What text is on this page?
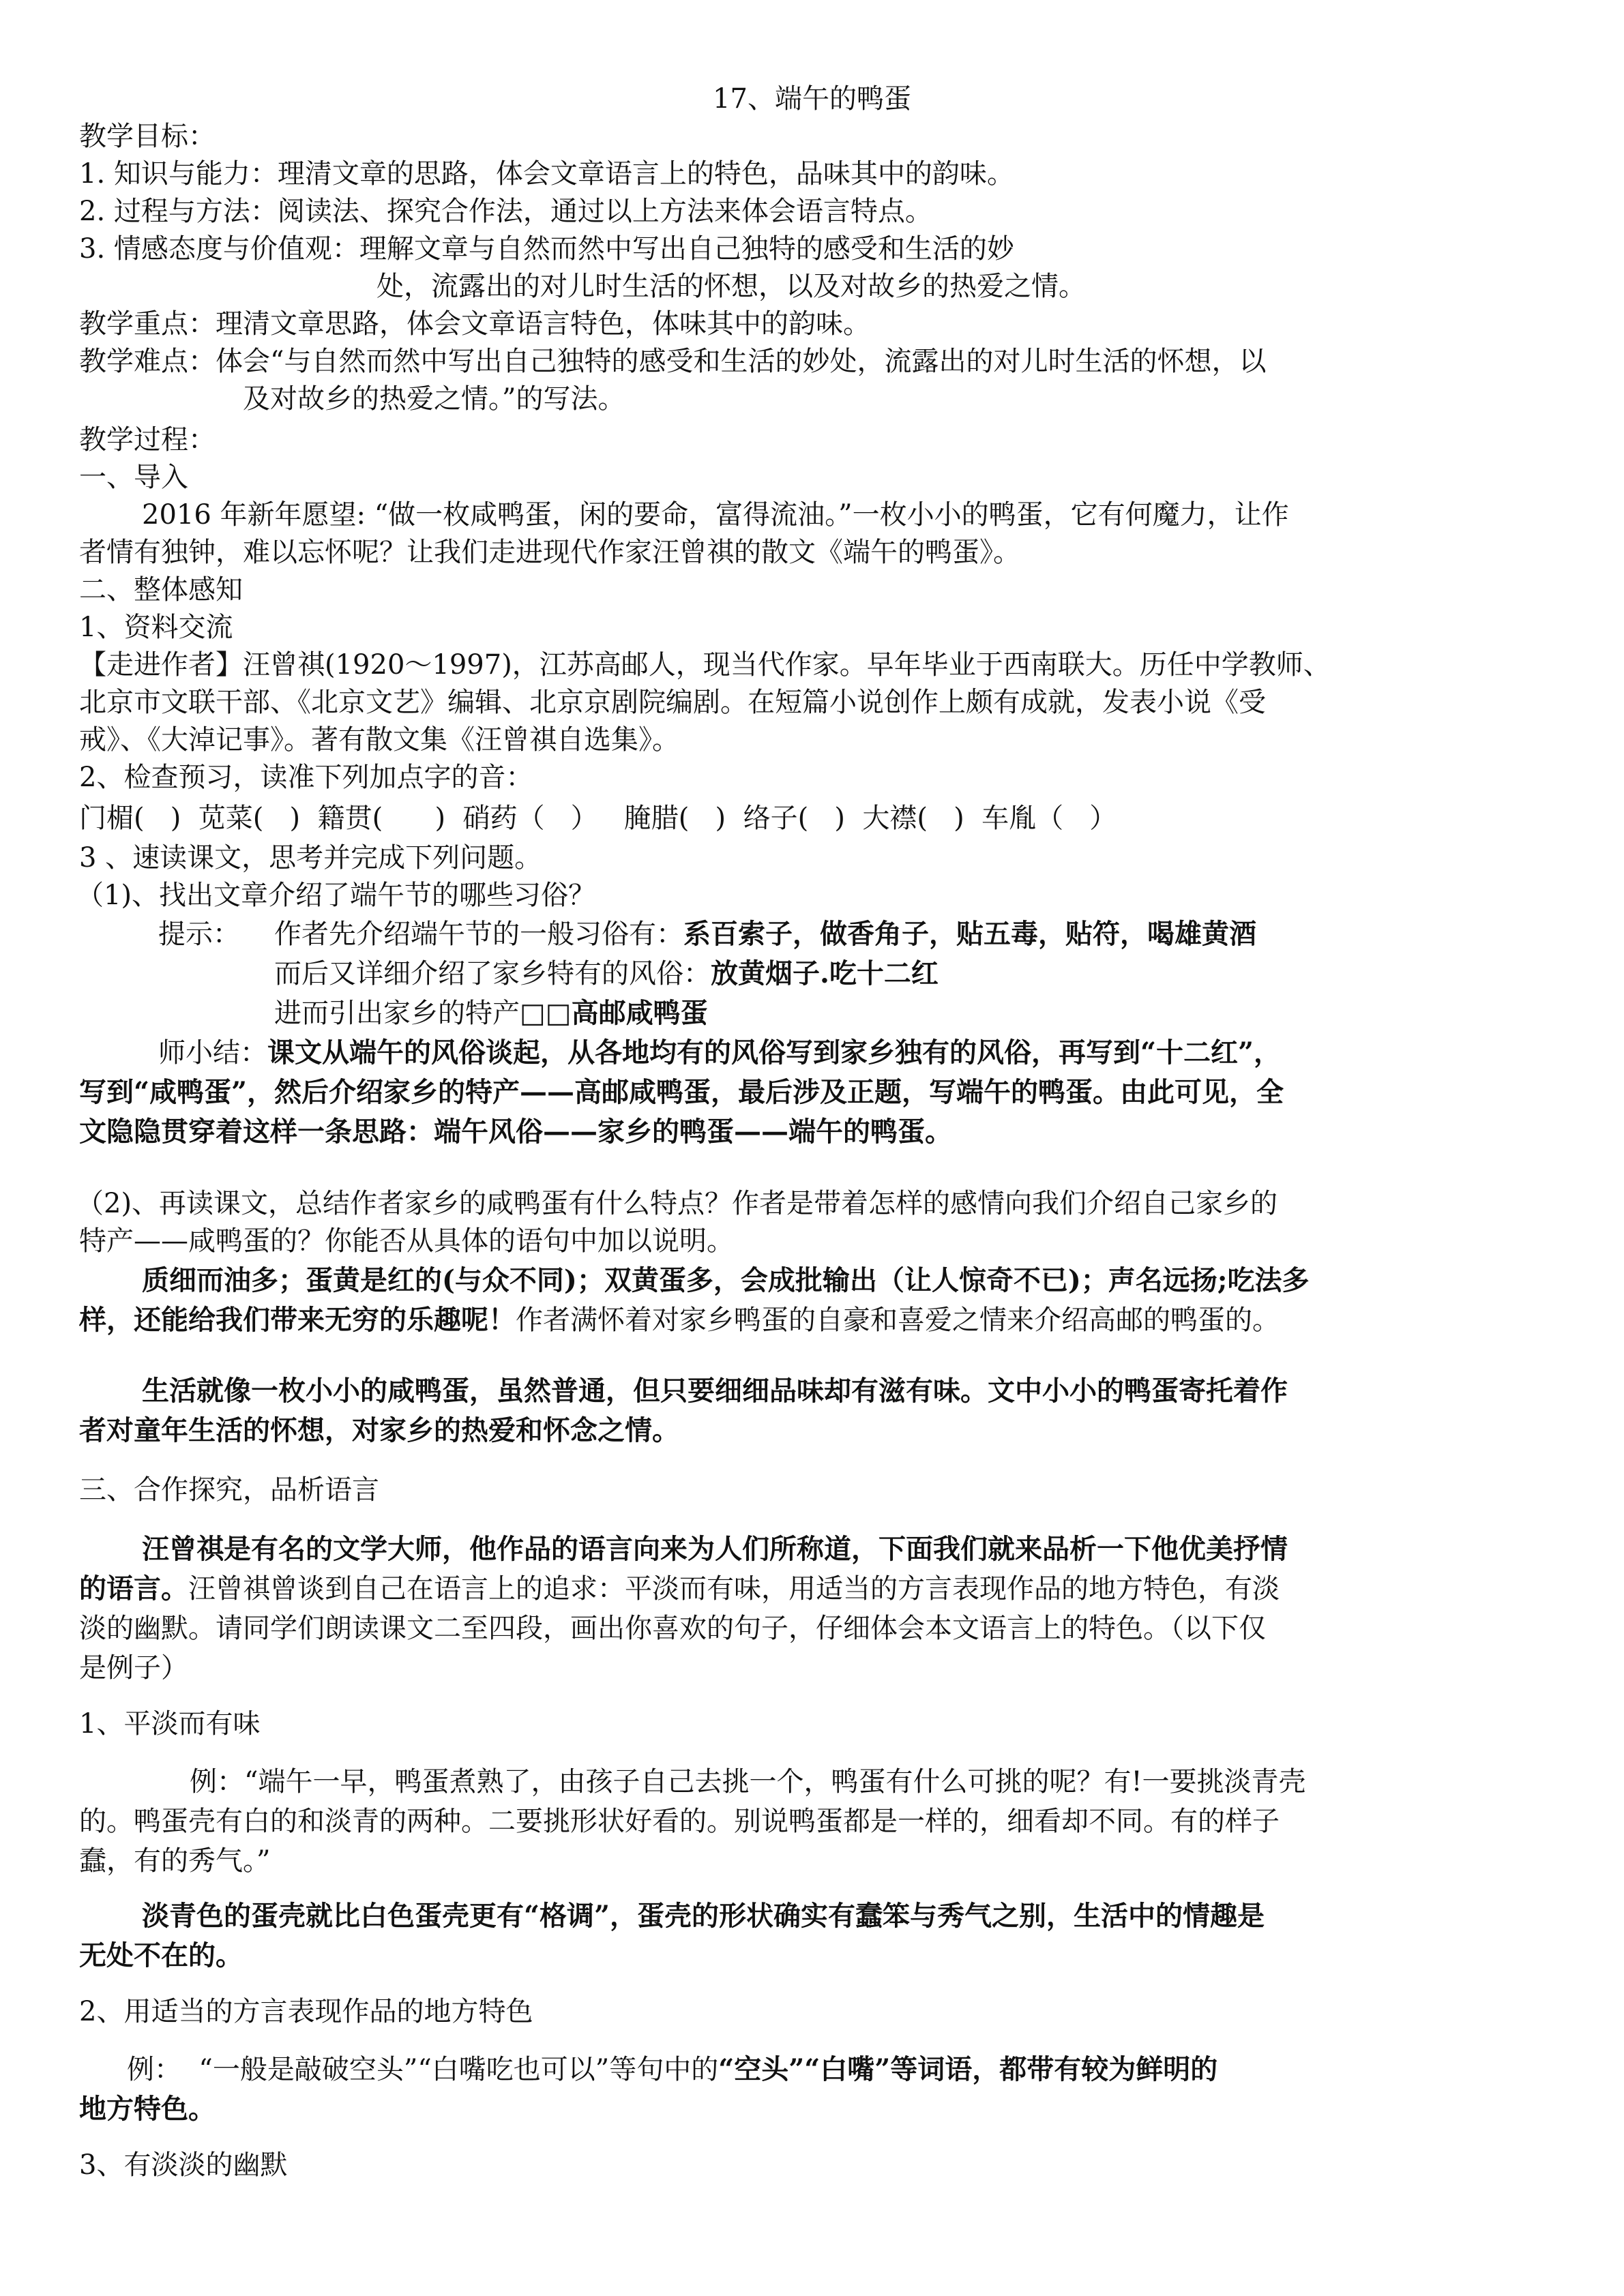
17、端午的鸭蛋
教学目标：
1. 知识与能力：理清文章的思路，体会文章语言上的特色，品味其中的韵味。
2. 过程与方法：阅读法、探究合作法，通过以上方法来体会语言特点。
3. 情感态度与价值观：理解文章与自然而然中写出自己独特的感受和生活的妙
处，流露出的对儿时生活的怀想，以及对故乡的热爱之情。
教学重点：理清文章思路，体会文章语言特色，体味其中的韵味。
教学难点：体会“与自然而然中写出自己独特的感受和生活的妙处，流露出的对儿时生活的怀想，以
及对故乡的热爱之情。”的写法。
教学过程：
一、导入
2016 年新年愿望: “做一枚咸鸭蛋，闲的要命，富得流油。”一枚小小的鸭蛋，它有何魔力，让作
者情有独钟，难以忘怀呢？让我们走进现代作家汪曾祺的散文《端午的鸭蛋》。
二、整体感知
1、资料交流
【走进作者】汪曾祺(1920～1997)，江苏高邮人，现当代作家。早年毕业于西南联大。历任中学教师、
北京市文联干部、《北京文艺》编辑、北京京剧院编剧。在短篇小说创作上颇有成就，发表小说《受
戒》、《大淖记事》。著有散文集《汪曾祺自选集》。
2、检查预习，读准下列加点字的音：
门楣(   )  苋菜(   )  籍贯(      )  硝药（   ）   腌腊(   )  络子(   )  大襟(   )  车胤（   ）
3 、速读课文，思考并完成下列问题。
（1)、找出文章介绍了端午节的哪些习俗？
提示： 作者先介绍端午节的一般习俗有：系百索子，做香角子，贴五毒，贴符，喝雄黄酒
而后又详细介绍了家乡特有的风俗：放黄烟子.吃十二红
进而引出家乡的特产□□高邮咸鸭蛋
师小结：课文从端午的风俗谈起，从各地均有的风俗写到家乡独有的风俗，再写到“十二红”，
写到“咸鸭蛋”，然后介绍家乡的特产——高邮咸鸭蛋，最后涉及正题，写端午的鸭蛋。由此可见，全
文隐隐贯穿着这样一条思路：端午风俗——家乡的鸭蛋——端午的鸭蛋。
（2)、再读课文，总结作者家乡的咸鸭蛋有什么特点？作者是带着怎样的感情向我们介绍自己家乡的
特产——咸鸭蛋的？你能否从具体的语句中加以说明。
质细而油多；蛋黄是红的(与众不同)；双黄蛋多，会成批输出（让人惊奇不已)；声名远扬;吃法多
样，还能给我们带来无穷的乐趣呢！作者满怀着对家乡鸭蛋的自豪和喜爱之情来介绍高邮的鸭蛋的。
生活就像一枚小小的咸鸭蛋，虽然普通，但只要细细品味却有滋有味。文中小小的鸭蛋寄托着作
者对童年生活的怀想，对家乡的热爱和怀念之情。
三、合作探究，品析语言
汪曾祺是有名的文学大师，他作品的语言向来为人们所称道，下面我们就来品析一下他优美抒情
的语言。汪曾祺曾谈到自己在语言上的追求：平淡而有味，用适当的方言表现作品的地方特色，有淡
淡的幽默。请同学们朗读课文二至四段，画出你喜欢的句子，仔细体会本文语言上的特色。（以下仅
是例子）
1、平淡而有味
例：“端午一早，鸭蛋煮熟了，由孩子自己去挑一个，鸭蛋有什么可挑的呢？有!一要挑淡青壳
的。鸭蛋壳有白的和淡青的两种。二要挑形状好看的。别说鸭蛋都是一样的，细看却不同。有的样子
蠢，有的秀气。”
淡青色的蛋壳就比白色蛋壳更有“格调”，蛋壳的形状确实有蠢笨与秀气之别，生活中的情趣是
无处不在的。
2、用适当的方言表现作品的地方特色
例：  “一般是敲破空头”“白嘴吃也可以”等句中的“空头”“白嘴”等词语，都带有较为鲜明的
地方特色。
3、有淡淡的幽默
